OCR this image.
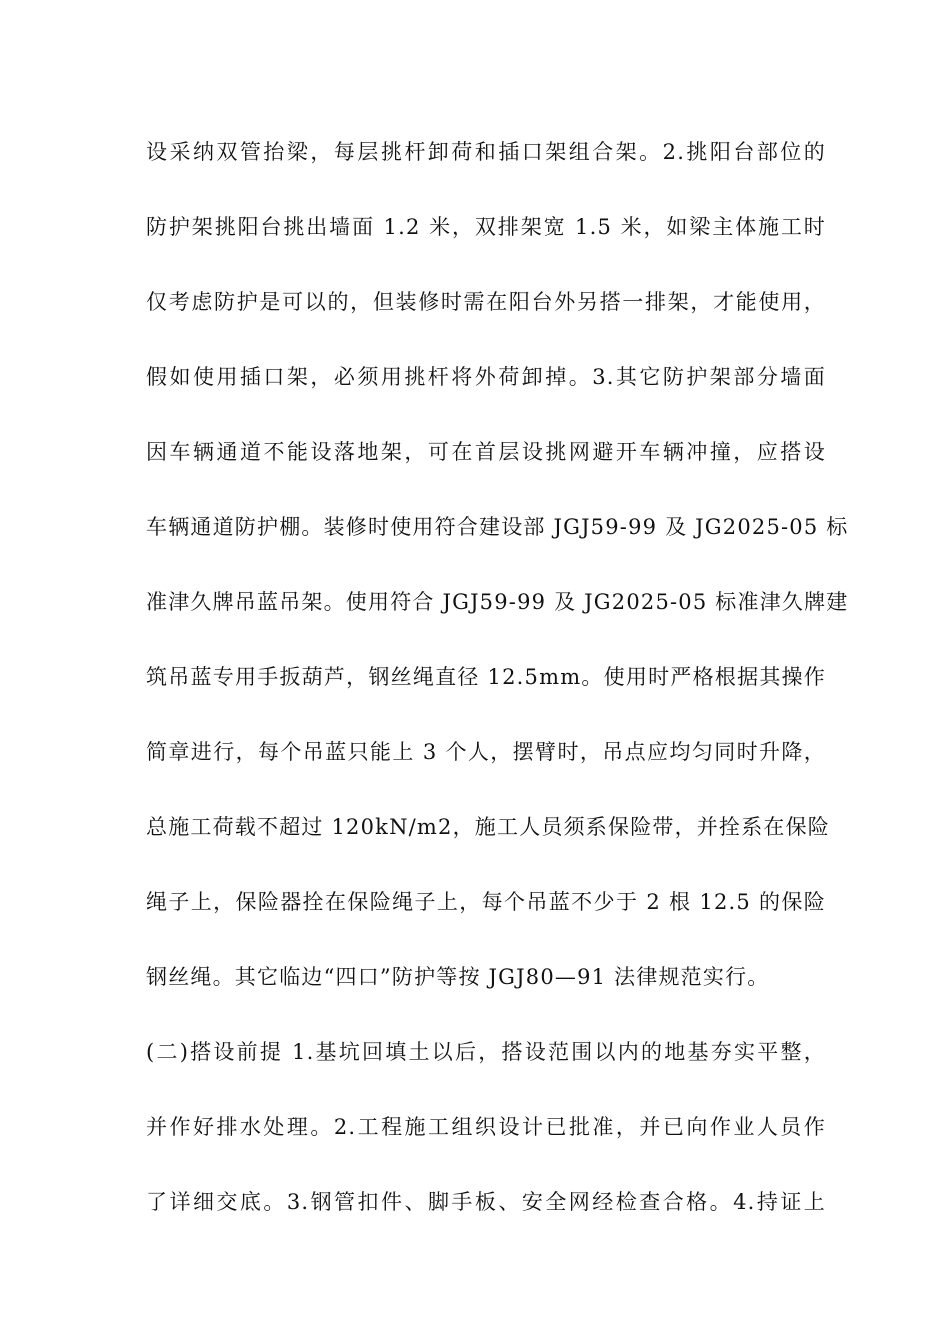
设采纳双管抬梁，每层挑杆卸荷和插口架组合架。2.挑阳台部位的
防护架挑阳台挑出墙面 1.2 米，双排架宽 1.5 米，如梁主体施工时
仅考虑防护是可以的，但装修时需在阳台外另搭一排架，才能使用，
假如使用插口架，必须用挑杆将外荷卸掉。3.其它防护架部分墙面
因车辆通道不能设落地架，可在首层设挑网避开车辆冲撞，应搭设
车辆通道防护棚。装修时使用符合建设部 JGJ59-99 及 JG2025-05 标
准津久牌吊蓝吊架。使用符合 JGJ59-99 及 JG2025-05 标准津久牌建
筑吊蓝专用手扳葫芦，钢丝绳直径 12.5mm。使用时严格根据其操作
简章进行，每个吊蓝只能上 3 个人，摆臂时，吊点应均匀同时升降，
总施工荷载不超过 120kN/m2，施工人员须系保险带，并拴系在保险
绳子上，保险器拴在保险绳子上，每个吊蓝不少于 2 根 12.5 的保险
钢丝绳。其它临边“四口”防护等按 JGJ80—91 法律规范实行。
(二)搭设前提 1.基坑回填土以后，搭设范围以内的地基夯实平整，
并作好排水处理。2.工程施工组织设计已批准，并已向作业人员作
了详细交底。3.钢管扣件、脚手板、安全网经检查合格。4.持证上
